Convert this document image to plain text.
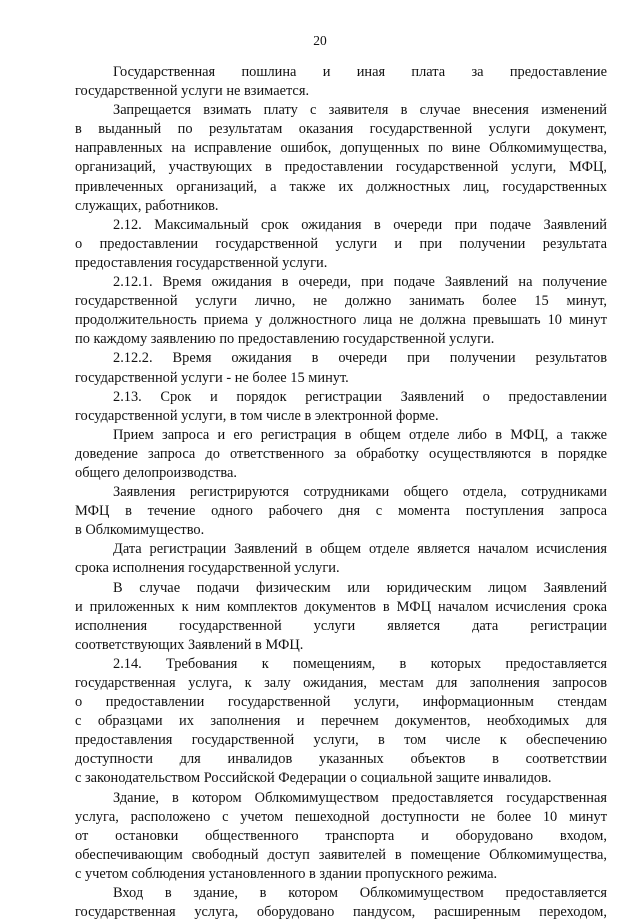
20
Государственная пошлина и иная плата за предоставление
государственной услуги не взимается.
Запрещается взимать плату с заявителя в случае внесения изменений
в выданный по результатам оказания государственной услуги документ,
направленных на исправление ошибок, допущенных по вине Облкомимущества,
организаций, участвующих в предоставлении государственной услуги, МФЦ,
привлеченных организаций, а также их должностных лиц, государственных
служащих, работников.
2.12. Максимальный срок ожидания в очереди при подаче Заявлений
о предоставлении государственной услуги и при получении результата
предоставления государственной услуги.
2.12.1. Время ожидания в очереди, при подаче Заявлений на получение
государственной услуги лично, не должно занимать более 15 минут,
продолжительность приема у должностного лица не должна превышать 10 минут
по каждому заявлению по предоставлению государственной услуги.
2.12.2. Время ожидания в очереди при получении результатов
государственной услуги - не более 15 минут.
2.13. Срок и порядок регистрации Заявлений о предоставлении
государственной услуги, в том числе в электронной форме.
Прием запроса и его регистрация в общем отделе либо в МФЦ, а также
доведение запроса до ответственного за обработку осуществляются в порядке
общего делопроизводства.
Заявления регистрируются сотрудниками общего отдела, сотрудниками
МФЦ в течение одного рабочего дня с момента поступления запроса
в Облкомимущество.
Дата регистрации Заявлений в общем отделе является началом исчисления
срока исполнения государственной услуги.
В случае подачи физическим или юридическим лицом Заявлений
и приложенных к ним комплектов документов в МФЦ началом исчисления срока
исполнения государственной услуги является дата регистрации
соответствующих Заявлений в МФЦ.
2.14. Требования к помещениям, в которых предоставляется
государственная услуга, к залу ожидания, местам для заполнения запросов
о предоставлении государственной услуги, информационным стендам
с образцами их заполнения и перечнем документов, необходимых для
предоставления государственной услуги, в том числе к обеспечению
доступности для инвалидов указанных объектов в соответствии
с законодательством Российской Федерации о социальной защите инвалидов.
Здание, в котором Облкомимуществом предоставляется государственная
услуга, расположено с учетом пешеходной доступности не более 10 минут
от остановки общественного транспорта и оборудовано входом,
обеспечивающим свободный доступ заявителей в помещение Облкомимущества,
с учетом соблюдения установленного в здании пропускного режима.
Вход в здание, в котором Облкомимуществом предоставляется
государственная услуга, оборудовано пандусом, расширенным переходом,
